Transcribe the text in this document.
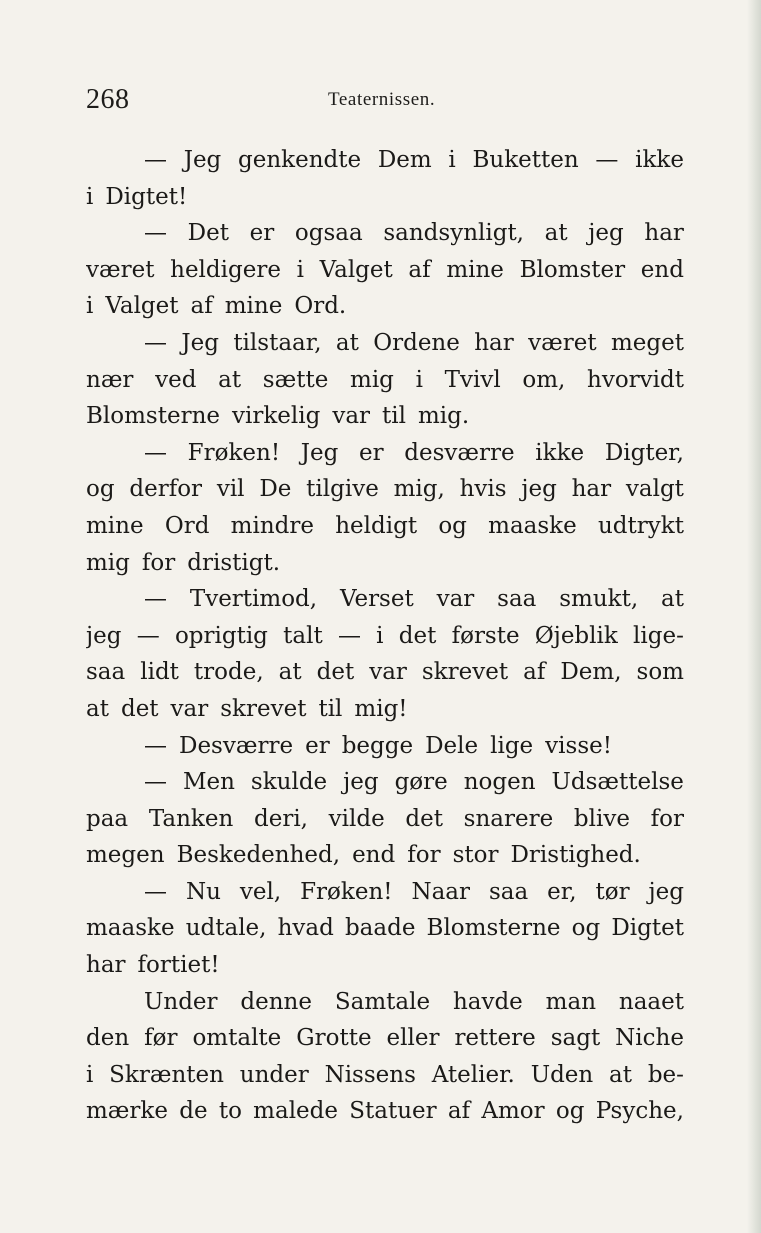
268	Teaternissen.
— Jeg genkendte Dem i Buketten — ikke
i Digtet!
— Det er ogsaa sandsynligt, at jeg har
været heldigere i Valget af mine Blomster end
i Valget af mine Ord.
— Jeg tilstaar, at Ordene har været meget
nær ved at sætte mig i Tvivl om, hvorvidt
Blomsterne virkelig var til mig.
— Frøken! Jeg er desværre ikke Digter,
og derfor vil De tilgive mig, hvis jeg har valgt
mine Ord mindre heldigt og maaske udtrykt
mig for dristigt.
— Tvertimod, Verset var saa smukt, at
jeg — oprigtig talt — i det første Øjeblik lige-
saa lidt trode, at det var skrevet af Dem, som
at det var skrevet til mig!
— Desværre er begge Dele lige visse!
— Men skulde jeg gøre nogen Udsættelse
paa Tanken deri, vilde det snarere blive for
megen Beskedenhed, end for stor Dristighed.
— Nu vel, Frøken! Naar saa er, tør jeg
maaske udtale, hvad baade Blomsterne og Digtet
har fortiet!
Under denne Samtale havde man naaet
den før omtalte Grotte eller rettere sagt Niche
i Skrænten under Nissens Atelier. Uden at be-
mærke de to malede Statuer af Amor og Psyche,
